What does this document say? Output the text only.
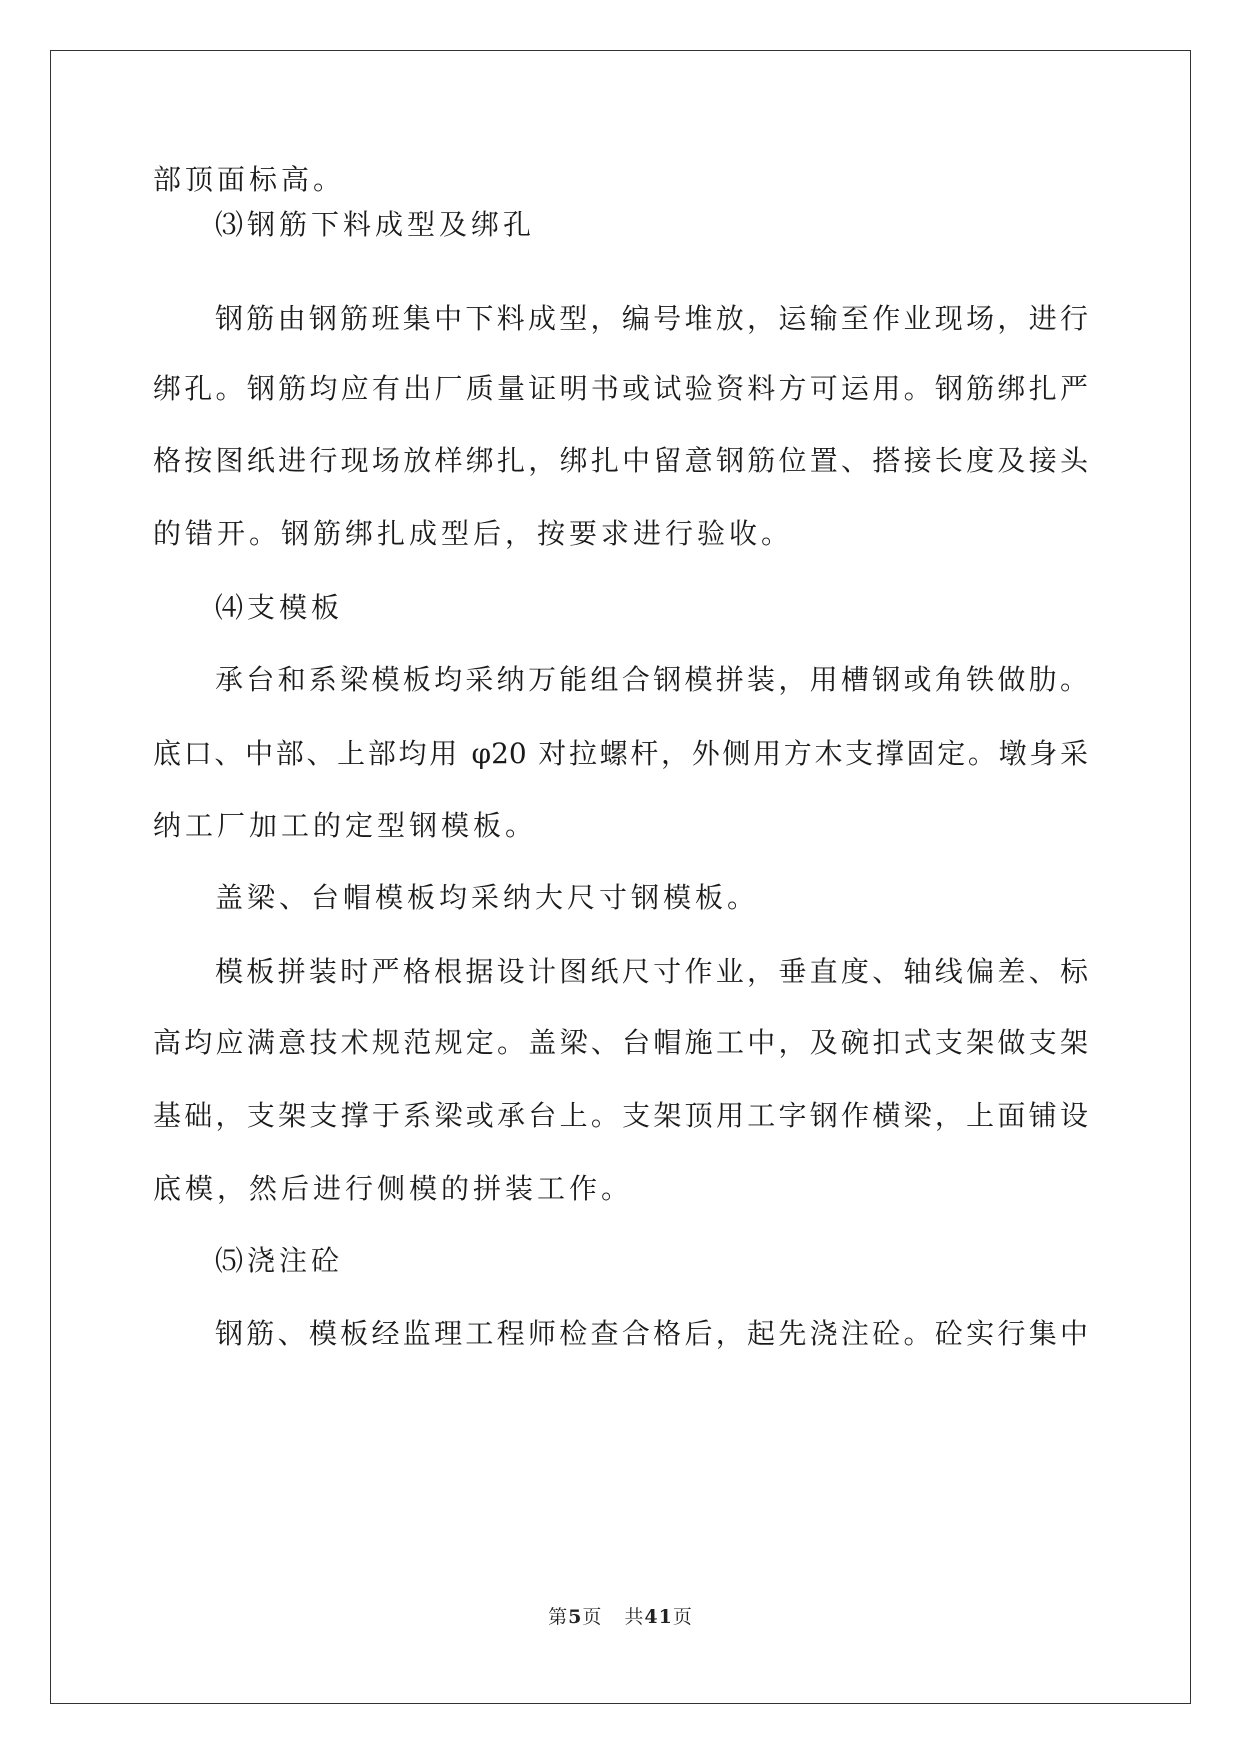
部顶面标高。
⑶钢筋下料成型及绑孔
钢筋由钢筋班集中下料成型，编号堆放，运输至作业现场，进行
绑孔。钢筋均应有出厂质量证明书或试验资料方可运用。钢筋绑扎严
格按图纸进行现场放样绑扎，绑扎中留意钢筋位置、搭接长度及接头
的错开。钢筋绑扎成型后，按要求进行验收。
⑷支模板
承台和系梁模板均采纳万能组合钢模拼装，用槽钢或角铁做肋。
底口、中部、上部均用 φ20 对拉螺杆，外侧用方木支撑固定。墩身采
纳工厂加工的定型钢模板。
盖梁、台帽模板均采纳大尺寸钢模板。
模板拼装时严格根据设计图纸尺寸作业，垂直度、轴线偏差、标
高均应满意技术规范规定。盖梁、台帽施工中，及碗扣式支架做支架
基础，支架支撑于系梁或承台上。支架顶用工字钢作横梁，上面铺设
底模，然后进行侧模的拼装工作。
⑸浇注砼
钢筋、模板经监理工程师检查合格后，起先浇注砼。砼实行集中
第5页 共41页
